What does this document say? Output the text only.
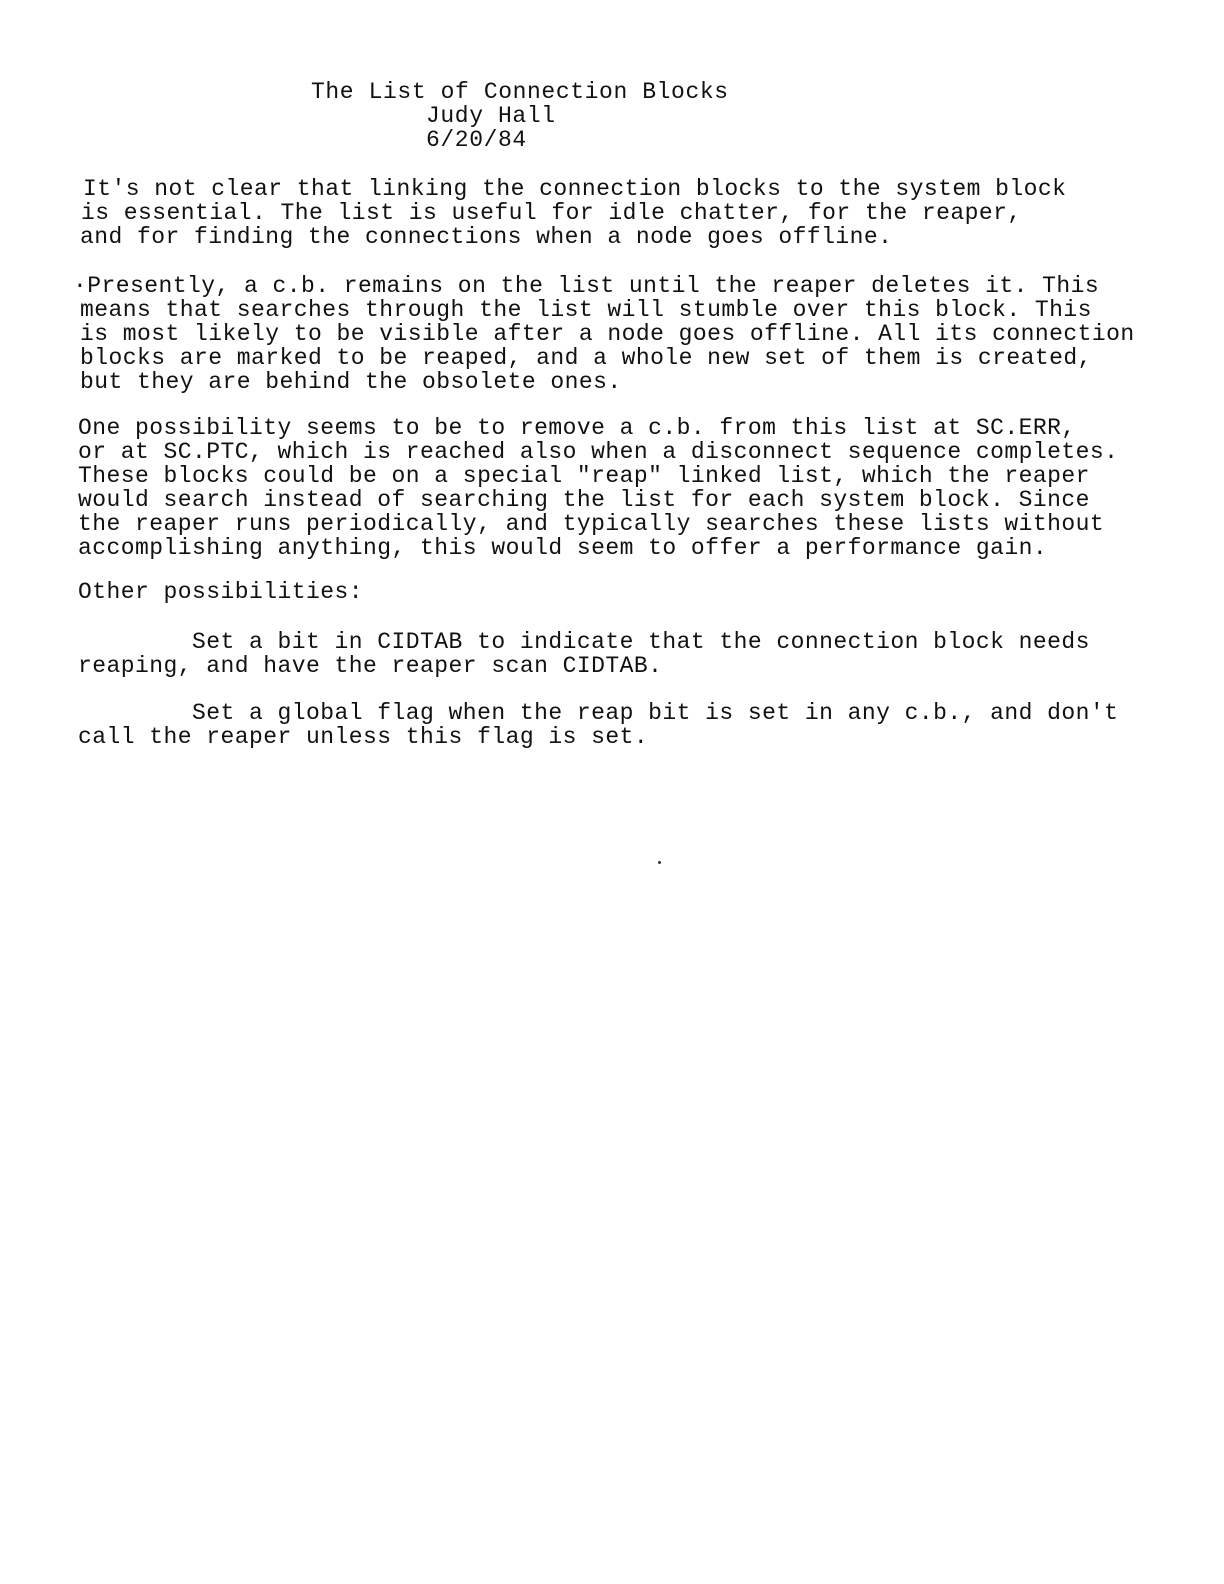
The List of Connection Blocks
Judy Hall
6/20/84
It's not clear that linking the connection blocks to the system block
is essential. The list is useful for idle chatter, for the reaper,
and for finding the connections when a node goes offline.
·Presently, a c.b. remains on the list until the reaper deletes it. This
means that searches through the list will stumble over this block. This
is most likely to be visible after a node goes offline. All its connection
blocks are marked to be reaped, and a whole new set of them is created,
but they are behind the obsolete ones.
One possibility seems to be to remove a c.b. from this list at SC.ERR,
or at SC.PTC, which is reached also when a disconnect sequence completes.
These blocks could be on a special "reap" linked list, which the reaper
would search instead of searching the list for each system block. Since
the reaper runs periodically, and typically searches these lists without
accomplishing anything, this would seem to offer a performance gain.
Other possibilities:
Set a bit in CIDTAB to indicate that the connection block needs
reaping, and have the reaper scan CIDTAB.
Set a global flag when the reap bit is set in any c.b., and don't
call the reaper unless this flag is set.
